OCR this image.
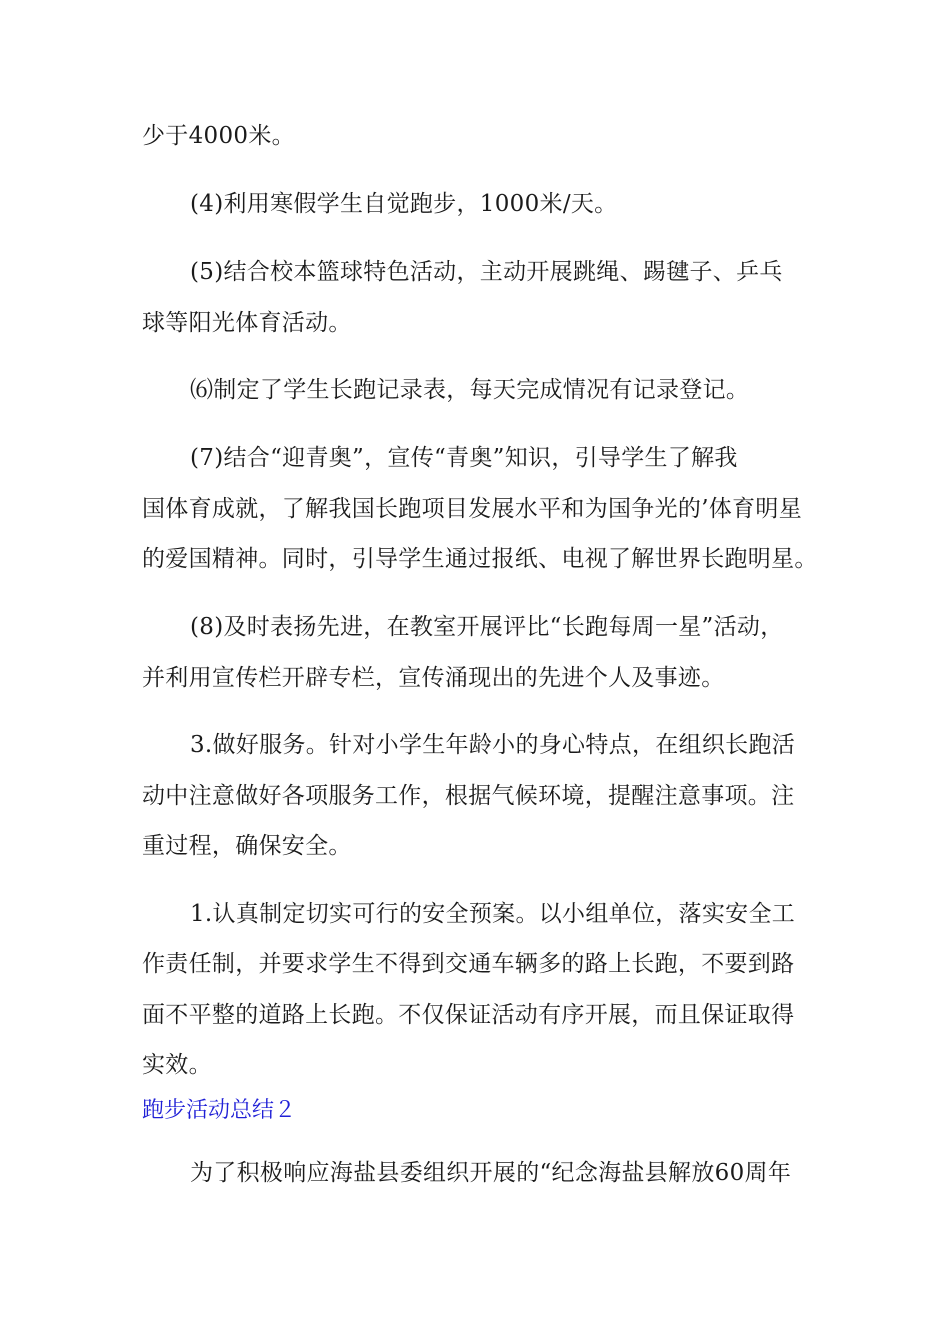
少于4000米。
(4)利用寒假学生自觉跑步，1000米/天。
(5)结合校本篮球特色活动，主动开展跳绳、踢毽子、乒乓
球等阳光体育活动。
⑹制定了学生长跑记录表，每天完成情况有记录登记。
(7)结合“迎青奥”，宣传“青奥”知识，引导学生了解我
国体育成就，了解我国长跑项目发展水平和为国争光的’体育明星
的爱国精神。同时，引导学生通过报纸、电视了解世界长跑明星。
(8)及时表扬先进，在教室开展评比“长跑每周一星”活动，
并利用宣传栏开辟专栏，宣传涌现出的先进个人及事迹。
3.做好服务。针对小学生年龄小的身心特点，在组织长跑活
动中注意做好各项服务工作，根据气候环境，提醒注意事项。注
重过程，确保安全。
1.认真制定切实可行的安全预案。以小组单位，落实安全工
作责任制，并要求学生不得到交通车辆多的路上长跑，不要到路
面不平整的道路上长跑。不仅保证活动有序开展，而且保证取得
实效。
跑步活动总结２
为了积极响应海盐县委组织开展的“纪念海盐县解放60周年
